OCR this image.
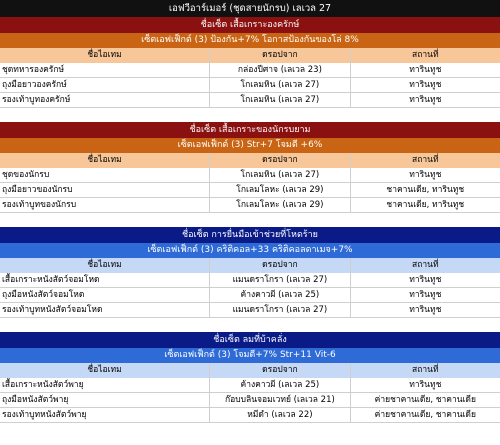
เอฟวีอาร์เมอร์ (ชุดสายนักรบ) เลเวล 27
ชื่อเซ็ต เสื้อเกราะองครักษ์
เซ็ตเอฟเฟ็กต์ (3) ป้องกัน+7% โอกาสป้องกันของโล่ 8%
ชื่อไอเทม	ดรอปจาก	สถานที่
ชุดทหารองครักษ์	กล่องปีศาจ (เลเวล 23)	ทารินทูช
ถุงมือยาวองครักษ์	โกเลมหิน (เลเวล 27)	ทารินทูช
รองเท้าบูทองครักษ์	โกเลมหิน (เลเวล 27)	ทารินทูช
ชื่อเซ็ต เสื้อเกราะของนักรบยาม
เซ็ตเอฟเฟ็กต์ (3) Str+7 โจมตี +6%
ชื่อไอเทม	ดรอปจาก	สถานที่
ชุดของนักรบ	โกเลมหิน (เลเวล 27)	ทารินทูช
ถุงมือยาวของนักรบ	โกเลมโลหะ (เลเวล 29)	ชาคานเดีย, ทารินทูช
รองเท้าบูทของนักรบ	โกเลมโลหะ (เลเวล 29)	ชาคานเดีย, ทารินทูช
ชื่อเซ็ต การยื่นมือเข้าช่วยที่โหดร้าย
เซ็ตเอฟเฟ็กต์ (3) คริติคอล+33 คริติคอลดาเมจ+7%
ชื่อไอเทม	ดรอปจาก	สถานที่
เสื้อเกราะหนังสัตว์จอมโหด	แมนดราโกรา (เลเวล 27)	ทารินทูช
ถุงมือหนังสัตว์จอมโหด	ค้างคาวผี (เลเวล 25)	ทารินทูช
รองเท้าบูทหนังสัตว์จอมโหด	แมนดราโกรา (เลเวล 27)	ทารินทูช
ชื่อเซ็ต ลมที่บ้าคลั่ง
เซ็ตเอฟเฟ็กต์ (3) โจมตี+7% Str+11 Vit-6
ชื่อไอเทม	ดรอปจาก	สถานที่
เสื้อเกราะหนังสัตว์พายุ	ค้างคาวผี (เลเวล 25)	ทารินทูช
ถุงมือหนังสัตว์พายุ	ก๊อบบลินจอมเวทย์ (เลเวล 21)	ค่ายชาคานเดีย, ชาคานเดีย
รองเท้าบูทหนังสัตว์พายุ	หมีดำ (เลเวล 22)	ค่ายชาคานเดีย, ชาคานเดีย
